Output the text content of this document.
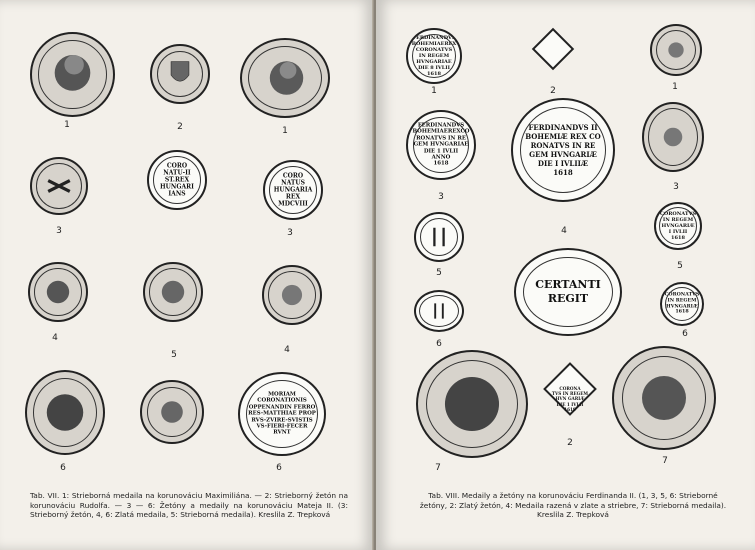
1	2	1
3
CORO
NATU-II
ST.REX
HUNGARI
IANS
CORO
NATUS
HUNGARIA
REX
MDCVIII
3
4
5	4
6
MORIAM
CORONATIONIS
OPPENANDIN FERRO
RES-MATTHIAE PROP
RVS-ZVIRE-SVISTIS
VS-FIERI-FECER
RVNT
6
Tab. VII. 1: Strieborná medaila na korunováciu Maximiliána. — 2: Strieborný žetón na korunováciu Rudolfa. — 3 — 6: Žetóny a medaily na korunováciu Mateja II. (3: Strieborný žetón, 4, 6: Zlatá medaila, 5: Strieborná medaila). Kreslila Z. Trepková
FERDINANDVS
BOHEMIAEREX
CORONATVS
IN REGEM
HVNGARIAE
DIE 8 IVLII
1618
1	2	1
FERDINANDVS
BOHEMIAEREXCO
RONATVS IN RE
GEM HVNGARIAE
DIE 1 IVLII
ANNO
1618
3
FERDINANDVS II
BOHEMIÆ REX CO
RONATVS IN RE
GEM HVNGARIÆ
DIE I IVLIIÆ
1618
4
3
5
CORONATVS
IN REGEM
HVNGARIÆ
I IVLII
1618
5
6
CERTANTI
REGIT	CORONATVS
IN REGEM
HVNGARIÆ
1618
6
7
CORONA
TVS IN REGEM
HVN GARIÆ
DIE 1 IVLII
1618
2
7
Tab. VIII. Medaily a žetóny na korunováciu Ferdinanda II. (1, 3, 5, 6: Strieborné žetóny, 2: Zlatý žetón, 4: Medaila razená v zlate a striebre, 7: Strieborná medaila). Kreslila Z. Trepková
